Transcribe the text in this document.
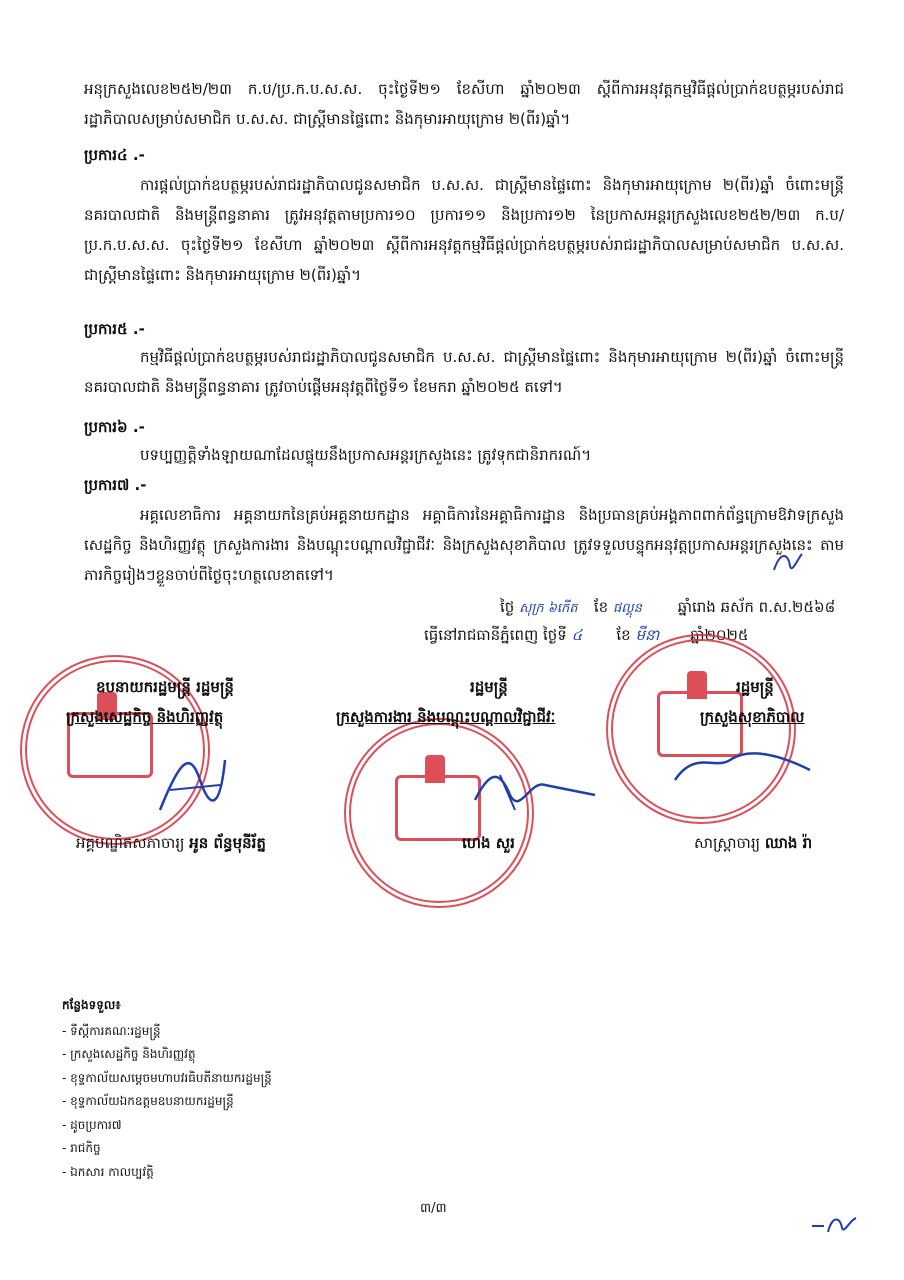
អនុក្រសួងលេខ២៥២/២៣ ក.ប/ប្រ.ក.ប.ស.ស. ចុះថ្ងៃទី២១ ខែសីហា ឆ្នាំ២០២៣ ស្តីពីការអនុវត្តកម្មវិធីផ្តល់ប្រាក់ឧបត្ថម្ភរបស់រាជរដ្ឋាភិបាលសម្រាប់សមាជិក ប.ស.ស. ជាស្រ្តីមានផ្ទៃពោះ និងកុមារអាយុក្រោម ២(ពីរ)ឆ្នាំ។
ប្រការ៤ .-
ការផ្តល់ប្រាក់ឧបត្ថម្ភរបស់រាជរដ្ឋាភិបាលជូនសមាជិក ប.ស.ស. ជាស្រ្តីមានផ្ទៃពោះ និងកុមារអាយុក្រោម ២(ពីរ)ឆ្នាំ ចំពោះមន្ត្រីនគរបាលជាតិ និងមន្ត្រីពន្ធនាគារ ត្រូវអនុវត្តតាមប្រការ១០ ប្រការ១១ និងប្រការ១២ នៃប្រកាសអន្តរក្រសួងលេខ២៥២/២៣ ក.ប/ប្រ.ក.ប.ស.ស. ចុះថ្ងៃទី២១ ខែសីហា ឆ្នាំ២០២៣ ស្តីពីការអនុវត្តកម្មវិធីផ្តល់ប្រាក់ឧបត្ថម្ភរបស់រាជរដ្ឋាភិបាលសម្រាប់សមាជិក ប.ស.ស. ជាស្រ្តីមានផ្ទៃពោះ និងកុមារអាយុក្រោម ២(ពីរ)ឆ្នាំ។
ប្រការ៥ .-
កម្មវិធីផ្តល់ប្រាក់ឧបត្ថម្ភរបស់រាជរដ្ឋាភិបាលជូនសមាជិក ប.ស.ស. ជាស្រ្តីមានផ្ទៃពោះ និងកុមារអាយុក្រោម ២(ពីរ)ឆ្នាំ ចំពោះមន្ត្រីនគរបាលជាតិ និងមន្ត្រីពន្ធនាគារ ត្រូវចាប់ផ្តើមអនុវត្តពីថ្ងៃទី១ ខែមករា ឆ្នាំ២០២៥ តទៅ។
ប្រការ៦ .-
បទប្បញ្ញត្តិទាំងឡាយណាដែលផ្ទុយនឹងប្រកាសអន្តរក្រសួងនេះ ត្រូវទុកជានិរាករណ៍។
ប្រការ៧ .-
អគ្គលេខាធិការ អគ្គនាយកនៃគ្រប់អគ្គនាយកដ្ឋាន អគ្គាធិការនៃអគ្គាធិការដ្ឋាន និងប្រធានគ្រប់អង្គភាពពាក់ព័ន្ធក្រោមឱវាទក្រសួងសេដ្ឋកិច្ច និងហិរញ្ញវត្ថុ ក្រសួងការងារ និងបណ្តុះបណ្តាលវិជ្ជាជីវៈ និងក្រសួងសុខាភិបាល ត្រូវទទួលបន្ទុកអនុវត្តប្រកាសអន្តរក្រសួងនេះ តាមភារកិច្ចរៀងៗខ្លួនចាប់ពីថ្ងៃចុះហត្ថលេខាតទៅ។
ថ្ងៃ សុក្រ ៦កើត ខែ ផល្គុន ឆ្នាំរោង ឆស័ក ព.ស.២៥៦៨
ធ្វើនៅរាជធានីភ្នំពេញ ថ្ងៃទី ៤ ខែ មីនា ឆ្នាំ២០២៥
ឧបនាយករដ្ឋមន្ត្រី រដ្ឋមន្ត្រី
ក្រសួងសេដ្ឋកិច្ច និងហិរញ្ញវត្ថុ
អគ្គបណ្ឌិតសភាចារ្យ អូន ព័ន្ធមុនីរ័ត្ន
រដ្ឋមន្ត្រី
ក្រសួងការងារ និងបណ្តុះបណ្តាលវិជ្ជាជីវៈ
ហេង សួរ
រដ្ឋមន្ត្រី
ក្រសួងសុខាភិបាល
សាស្ត្រាចារ្យ ឈាង រ៉ា
កន្លែងទទួល៖
- ទីស្តីការគណៈរដ្ឋមន្ត្រី
- ក្រសួងសេដ្ឋកិច្ច និងហិរញ្ញវត្ថុ
- ខុទ្ទកាល័យសម្តេចមហាបវរធិបតីនាយករដ្ឋមន្ត្រី
- ខុទ្ទកាល័យឯកឧត្តមឧបនាយករដ្ឋមន្ត្រី
- ដូចប្រការ៧
- រាជកិច្ច
- ឯកសារ កាលប្បវត្តិ
៣/៣
